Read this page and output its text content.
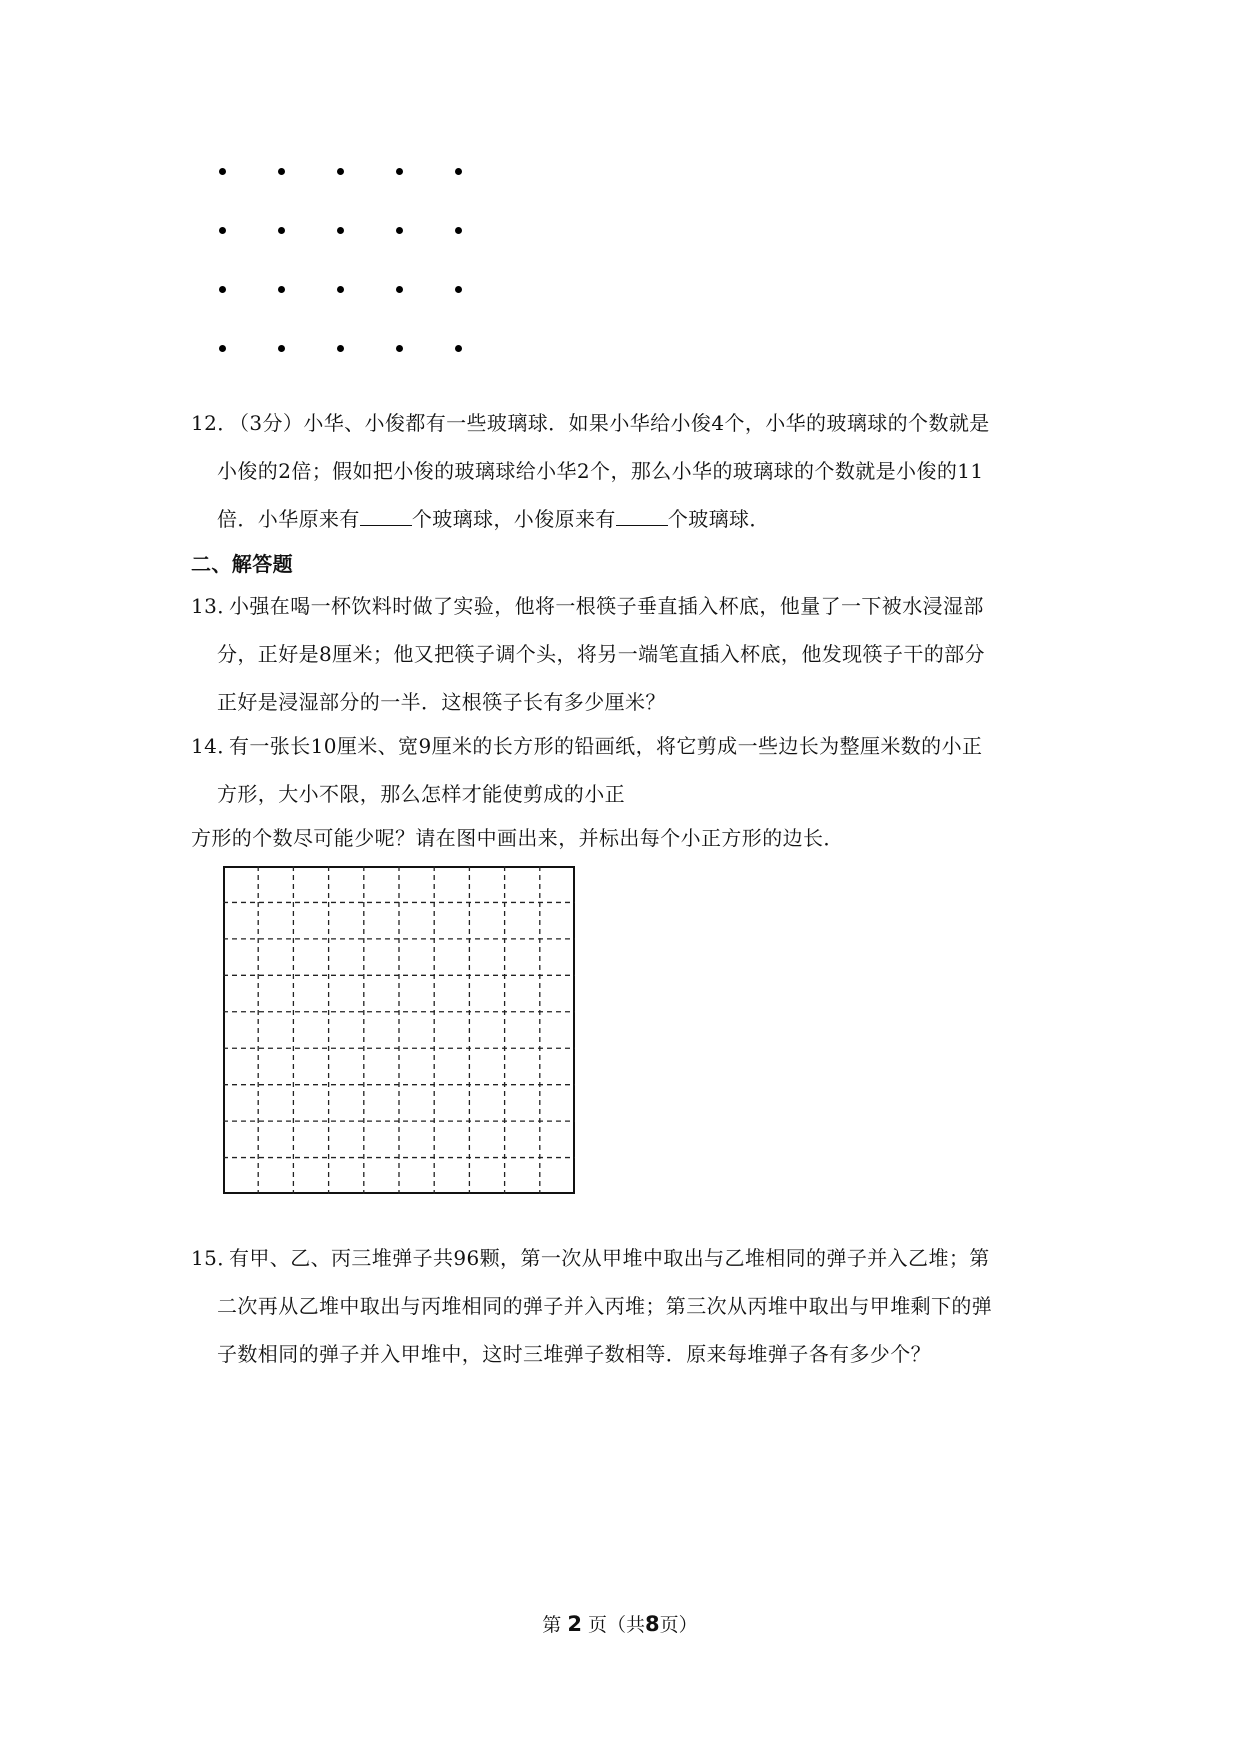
12．（3分）小华、小俊都有一些玻璃球．如果小华给小俊4个，小华的玻璃球的个数就是
小俊的2倍；假如把小俊的玻璃球给小华2个，那么小华的玻璃球的个数就是小俊的11
倍．小华原来有	个玻璃球，小俊原来有	个玻璃球．
二、解答题
13．小强在喝一杯饮料时做了实验，他将一根筷子垂直插入杯底，他量了一下被水浸湿部
分，正好是8厘米；他又把筷子调个头，将另一端笔直插入杯底，他发现筷子干的部分
正好是浸湿部分的一半．这根筷子长有多少厘米？
14．有一张长10厘米、宽9厘米的长方形的铅画纸，将它剪成一些边长为整厘米数的小正
方形，大小不限，那么怎样才能使剪成的小正
方形的个数尽可能少呢？请在图中画出来，并标出每个小正方形的边长．
15．有甲、乙、丙三堆弹子共96颗，第一次从甲堆中取出与乙堆相同的弹子并入乙堆；第
二次再从乙堆中取出与丙堆相同的弹子并入丙堆；第三次从丙堆中取出与甲堆剩下的弹
子数相同的弹子并入甲堆中，这时三堆弹子数相等．原来每堆弹子各有多少个？
第 2 页（共8页）
